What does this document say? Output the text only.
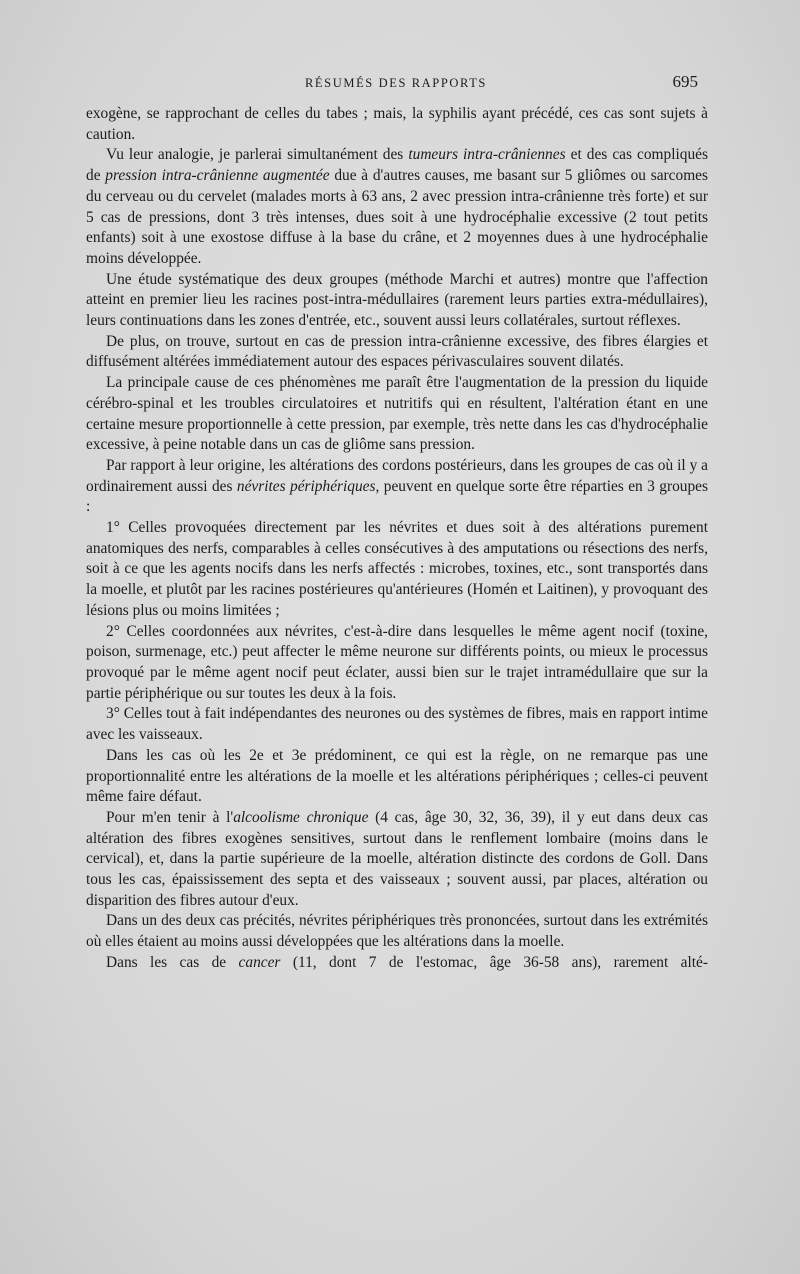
RÉSUMÉS DES RAPPORTS	695

exogène, se rapprochant de celles du tabes ; mais, la syphilis ayant précédé, ces cas sont sujets à caution.

Vu leur analogie, je parlerai simultanément des tumeurs intra-crâniennes et des cas compliqués de pression intra-crânienne augmentée due à d'autres causes, me basant sur 5 gliômes ou sarcomes du cerveau ou du cervelet (malades morts à 63 ans, 2 avec pression intra-crânienne très forte) et sur 5 cas de pressions, dont 3 très intenses, dues soit à une hydrocéphalie excessive (2 tout petits enfants) soit à une exostose diffuse à la base du crâne, et 2 moyennes dues à une hydrocéphalie moins développée.

Une étude systématique des deux groupes (méthode Marchi et autres) montre que l'affection atteint en premier lieu les racines post-intra-médullaires (rarement leurs parties extra-médullaires), leurs continuations dans les zones d'entrée, etc., souvent aussi leurs collatérales, surtout réflexes.

De plus, on trouve, surtout en cas de pression intra-crânienne excessive, des fibres élargies et diffusément altérées immédiatement autour des espaces périvasculaires souvent dilatés.

La principale cause de ces phénomènes me paraît être l'augmentation de la pression du liquide cérébro-spinal et les troubles circulatoires et nutritifs qui en résultent, l'altération étant en une certaine mesure proportionnelle à cette pression, par exemple, très nette dans les cas d'hydrocéphalie excessive, à peine notable dans un cas de gliôme sans pression.

Par rapport à leur origine, les altérations des cordons postérieurs, dans les groupes de cas où il y a ordinairement aussi des névrites périphériques, peuvent en quelque sorte être réparties en 3 groupes :

1° Celles provoquées directement par les névrites et dues soit à des altérations purement anatomiques des nerfs, comparables à celles consécutives à des amputations ou résections des nerfs, soit à ce que les agents nocifs dans les nerfs affectés : microbes, toxines, etc., sont transportés dans la moelle, et plutôt par les racines postérieures qu'antérieures (Homén et Laitinen), y provoquant des lésions plus ou moins limitées ;

2° Celles coordonnées aux névrites, c'est-à-dire dans lesquelles le même agent nocif (toxine, poison, surmenage, etc.) peut affecter le même neurone sur différents points, ou mieux le processus provoqué par le même agent nocif peut éclater, aussi bien sur le trajet intramédullaire que sur la partie périphérique ou sur toutes les deux à la fois.

3° Celles tout à fait indépendantes des neurones ou des systèmes de fibres, mais en rapport intime avec les vaisseaux.

Dans les cas où les 2e et 3e prédominent, ce qui est la règle, on ne remarque pas une proportionnalité entre les altérations de la moelle et les altérations périphériques ; celles-ci peuvent même faire défaut.

Pour m'en tenir à l'alcoolisme chronique (4 cas, âge 30, 32, 36, 39), il y eut dans deux cas altération des fibres exogènes sensitives, surtout dans le renflement lombaire (moins dans le cervical), et, dans la partie supérieure de la moelle, altération distincte des cordons de Goll. Dans tous les cas, épaississement des septa et des vaisseaux ; souvent aussi, par places, altération ou disparition des fibres autour d'eux.

Dans un des deux cas précités, névrites périphériques très prononcées, surtout dans les extrémités où elles étaient au moins aussi développées que les altérations dans la moelle.

Dans les cas de cancer (11, dont 7 de l'estomac, âge 36-58 ans), rarement alté-
